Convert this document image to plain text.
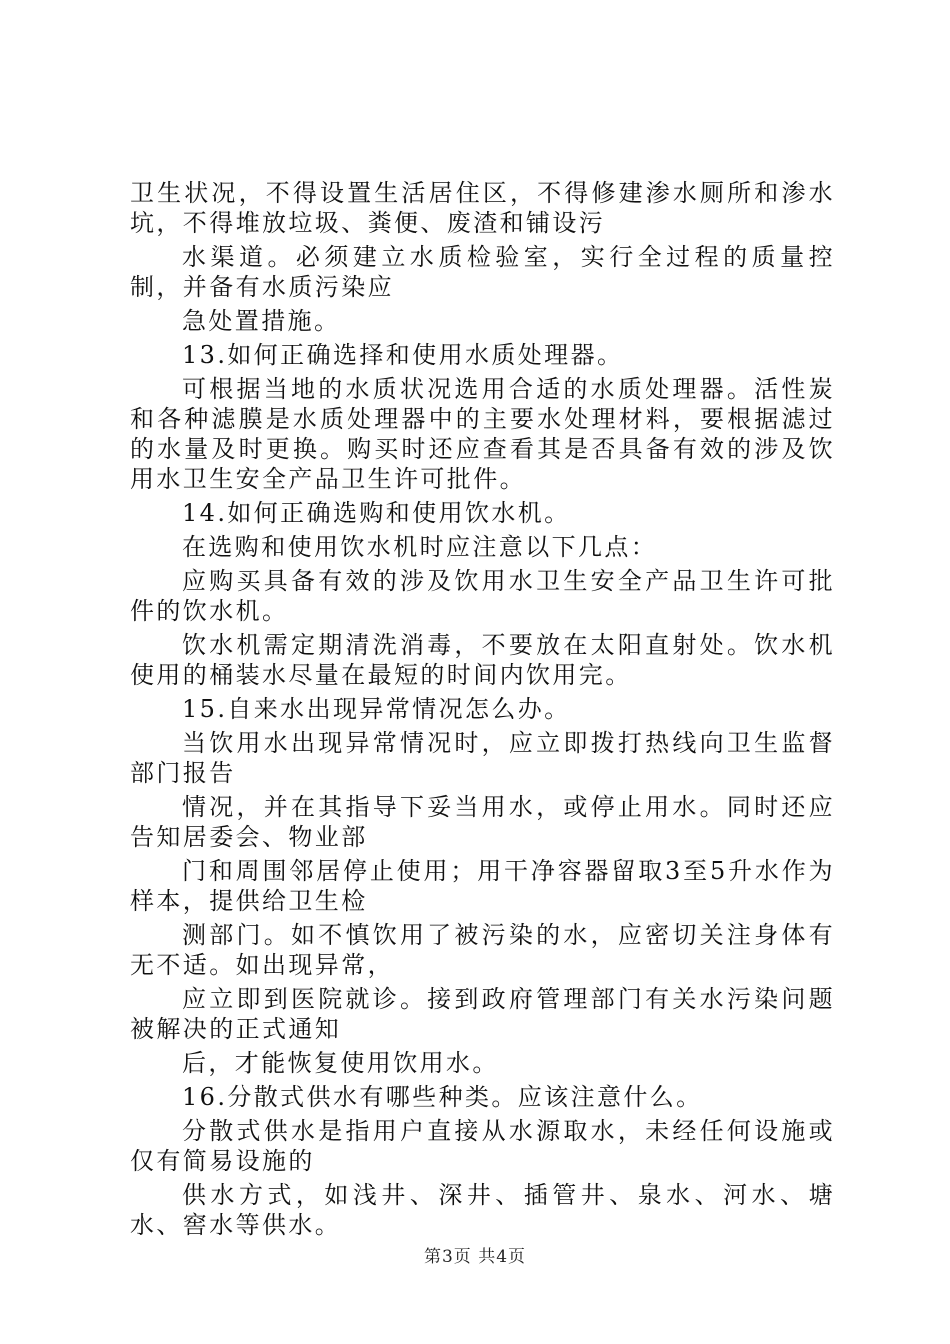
卫生状况，不得设置生活居住区，不得修建渗水厕所和渗水坑，不得堆放垃圾、粪便、废渣和铺设污

水渠道。必须建立水质检验室，实行全过程的质量控制，并备有水质污染应

急处置措施。

13.如何正确选择和使用水质处理器。

可根据当地的水质状况选用合适的水质处理器。活性炭和各种滤膜是水质处理器中的主要水处理材料，要根据滤过的水量及时更换。购买时还应查看其是否具备有效的涉及饮用水卫生安全产品卫生许可批件。

14.如何正确选购和使用饮水机。

在选购和使用饮水机时应注意以下几点：

应购买具备有效的涉及饮用水卫生安全产品卫生许可批件的饮水机。

饮水机需定期清洗消毒，不要放在太阳直射处。饮水机使用的桶装水尽量在最短的时间内饮用完。

15.自来水出现异常情况怎么办。

当饮用水出现异常情况时，应立即拨打热线向卫生监督部门报告

情况，并在其指导下妥当用水，或停止用水。同时还应告知居委会、物业部

门和周围邻居停止使用；用干净容器留取3至5升水作为样本，提供给卫生检

测部门。如不慎饮用了被污染的水，应密切关注身体有无不适。如出现异常，

应立即到医院就诊。接到政府管理部门有关水污染问题被解决的正式通知

后，才能恢复使用饮用水。

16.分散式供水有哪些种类。应该注意什么。

分散式供水是指用户直接从水源取水，未经任何设施或仅有简易设施的

供水方式，如浅井、深井、插管井、泉水、河水、塘水、窖水等供水。

第3页 共4页
